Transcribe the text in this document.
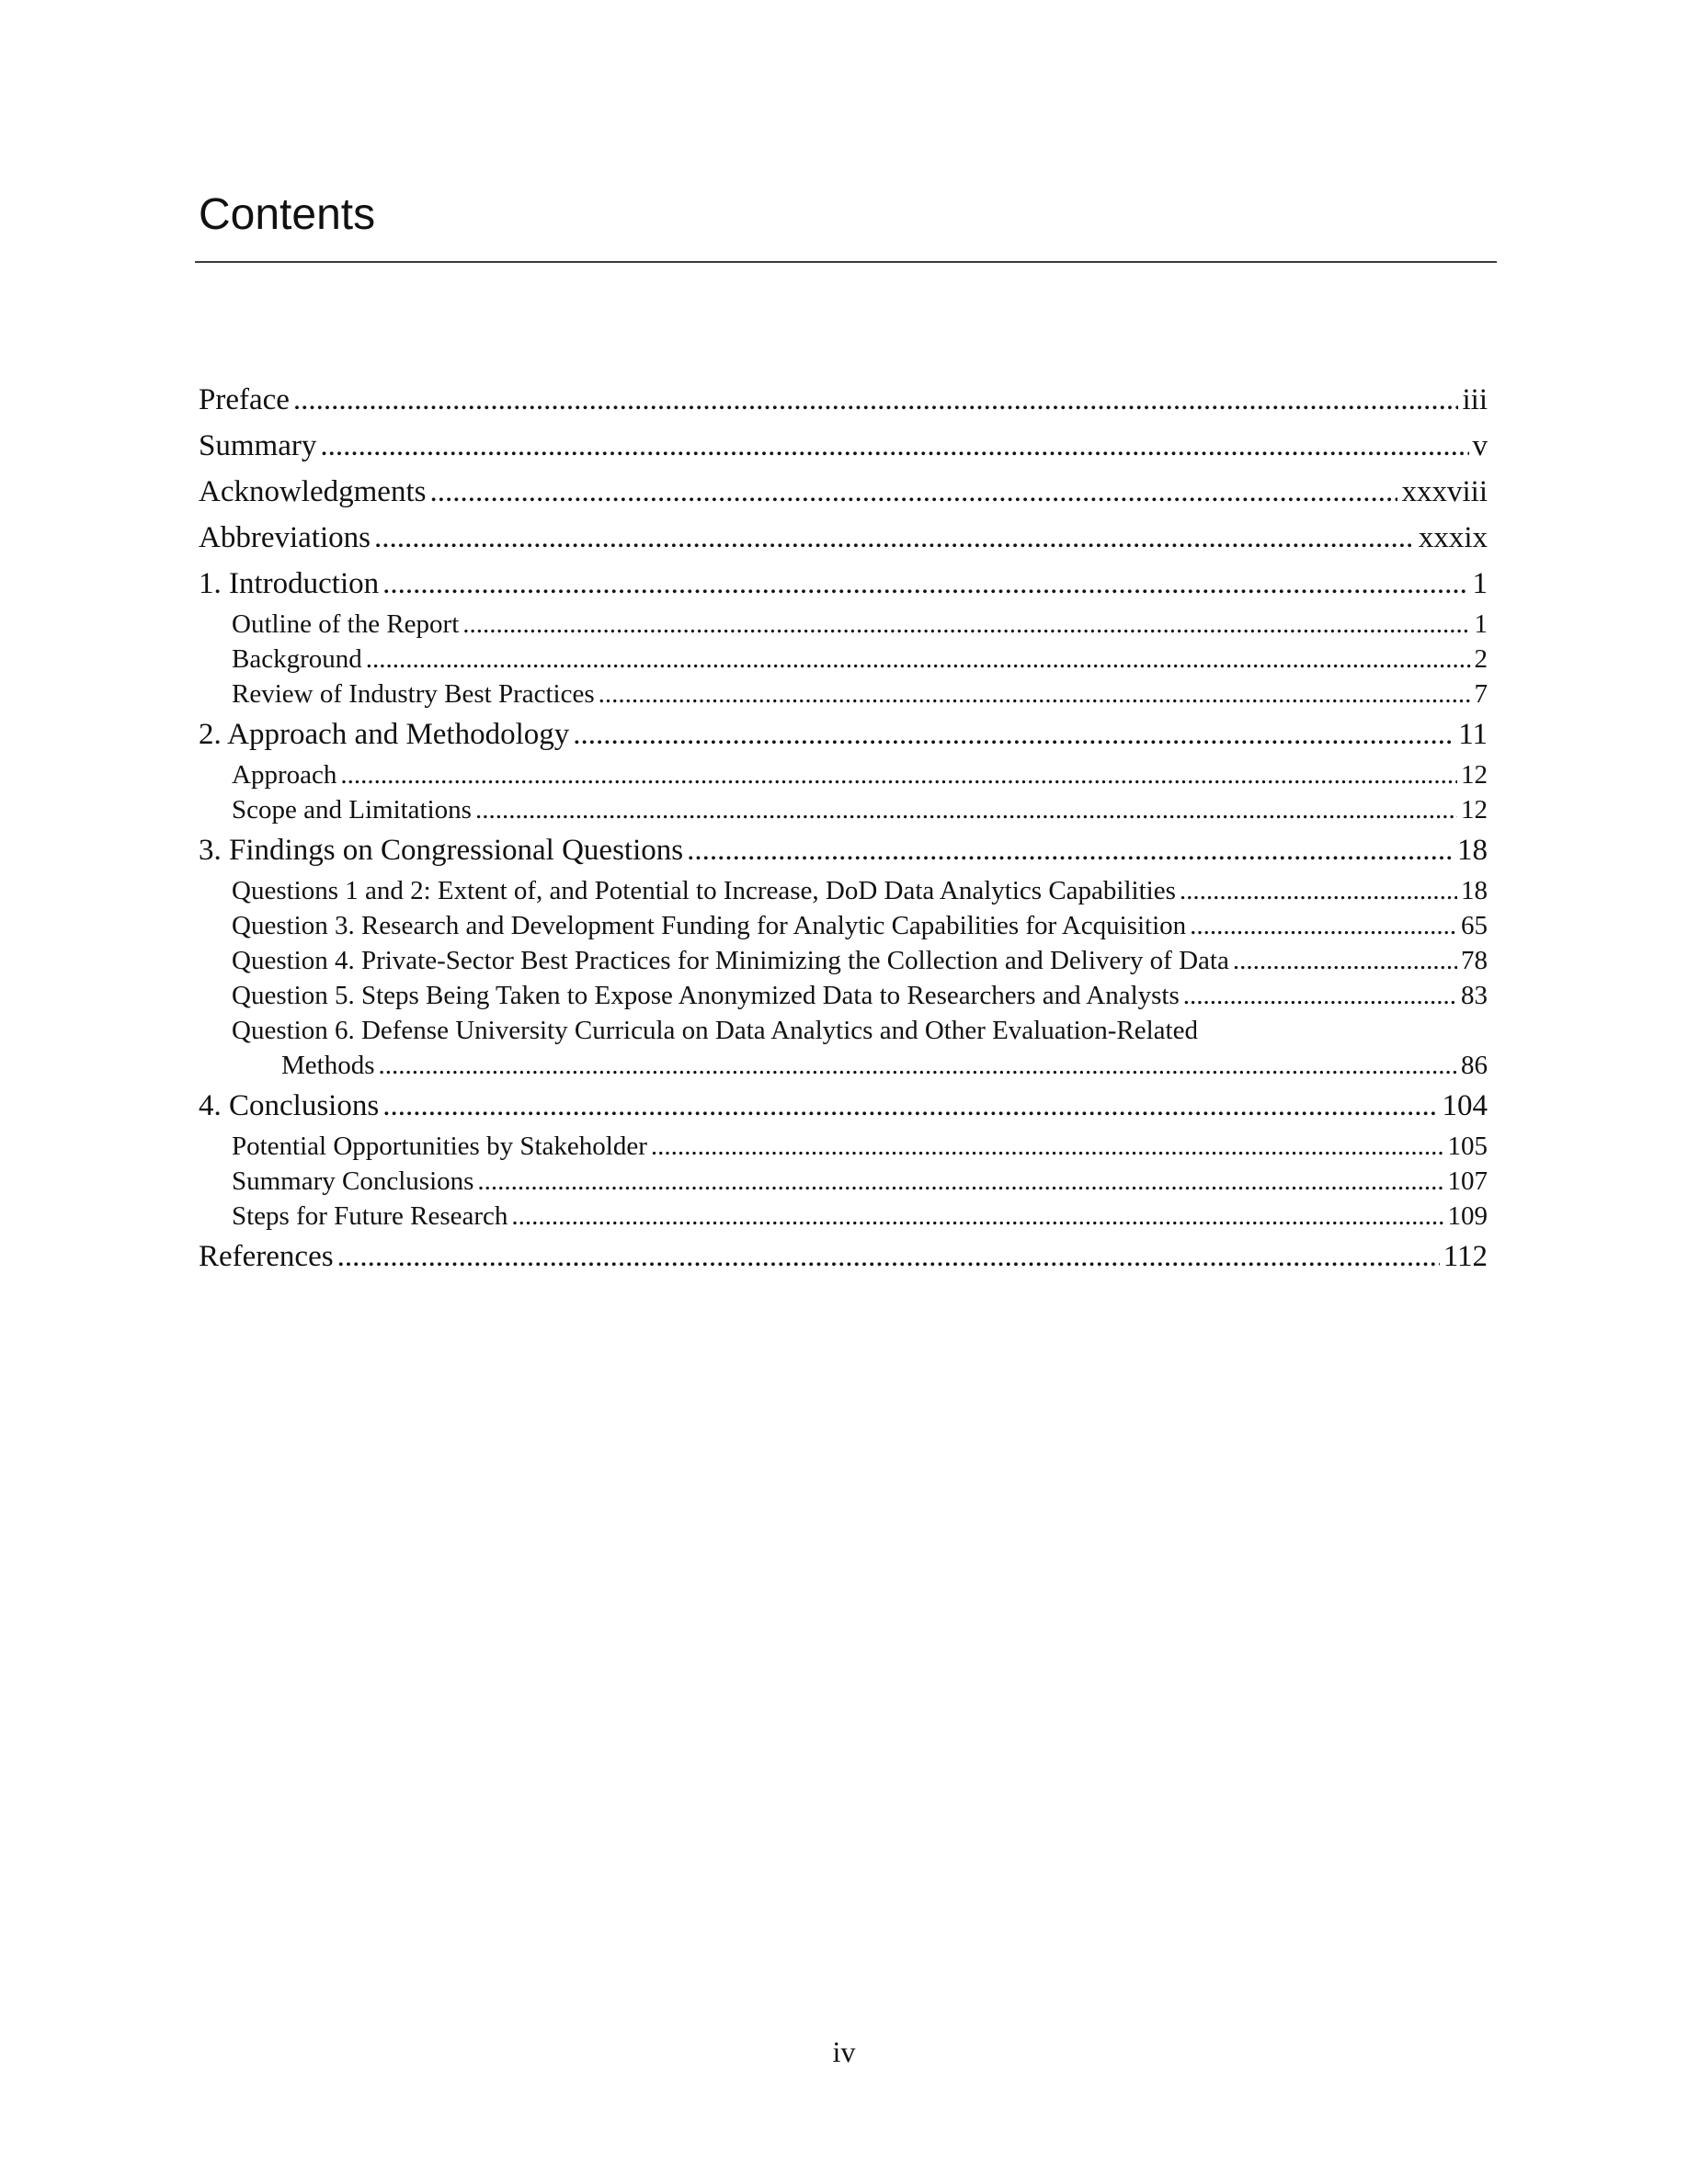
Contents
Preface .....	iii
Summary .....	v
Acknowledgments .....	xxxviii
Abbreviations .....	xxxix
1. Introduction .....	1
Outline of the Report .....	1
Background .....	2
Review of Industry Best Practices .....	7
2. Approach and Methodology .....	11
Approach .....	12
Scope and Limitations .....	12
3. Findings on Congressional Questions .....	18
Questions 1 and 2: Extent of, and Potential to Increase, DoD Data Analytics Capabilities .....	18
Question 3. Research and Development Funding for Analytic Capabilities for Acquisition .....	65
Question 4. Private-Sector Best Practices for Minimizing the Collection and Delivery of Data .....	78
Question 5. Steps Being Taken to Expose Anonymized Data to Researchers and Analysts .....	83
Question 6. Defense University Curricula on Data Analytics and Other Evaluation-Related
Methods .....	86
4. Conclusions .....	104
Potential Opportunities by Stakeholder .....	105
Summary Conclusions .....	107
Steps for Future Research .....	109
References .....	112
iv
